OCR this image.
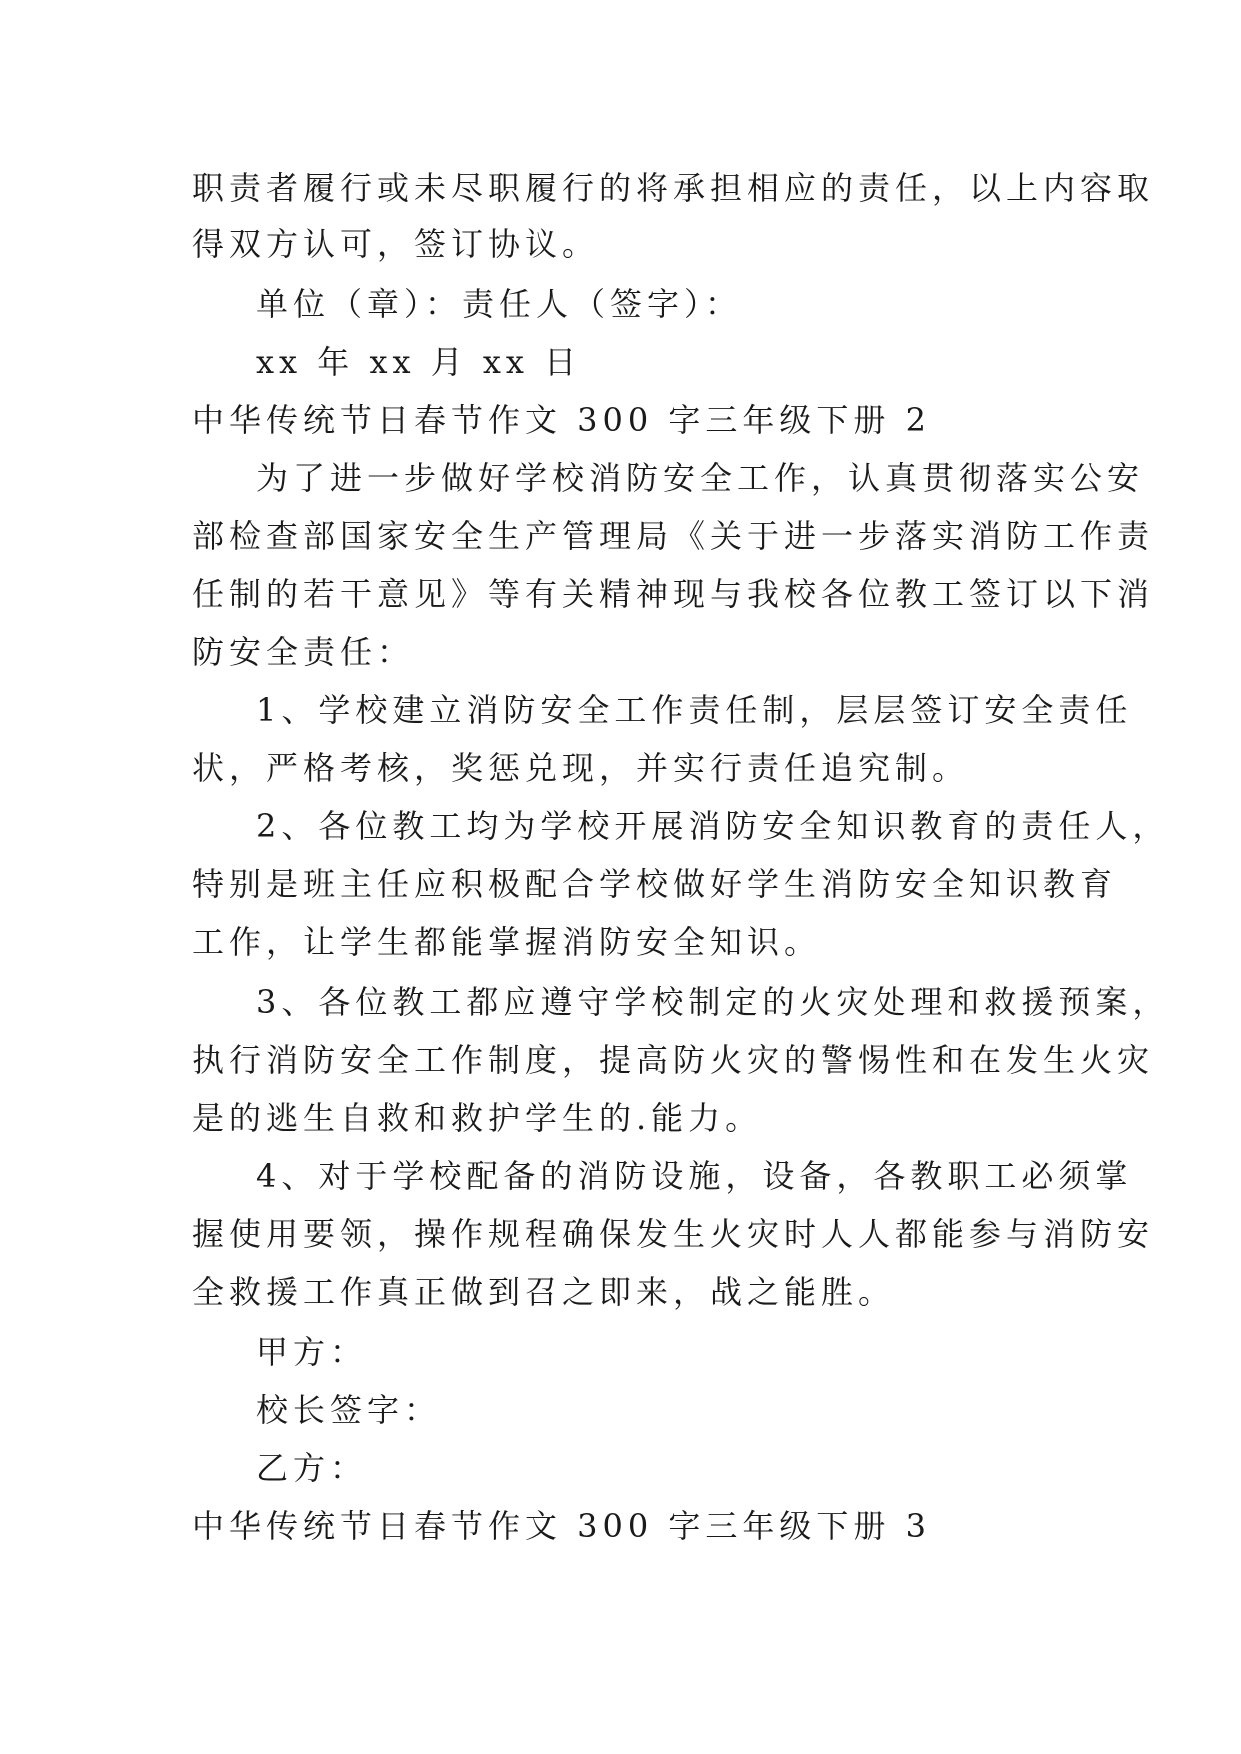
职责者履行或未尽职履行的将承担相应的责任，以上内容取

得双方认可，签订协议。

单位（章）：责任人（签字）：

xx 年 xx 月 xx 日

中华传统节日春节作文 300 字三年级下册 2

为了进一步做好学校消防安全工作，认真贯彻落实公安

部检查部国家安全生产管理局《关于进一步落实消防工作责

任制的若干意见》等有关精神现与我校各位教工签订以下消

防安全责任：

1、学校建立消防安全工作责任制，层层签订安全责任

状，严格考核，奖惩兑现，并实行责任追究制。

2、各位教工均为学校开展消防安全知识教育的责任人，

特别是班主任应积极配合学校做好学生消防安全知识教育

工作，让学生都能掌握消防安全知识。

3、各位教工都应遵守学校制定的火灾处理和救援预案，

执行消防安全工作制度，提高防火灾的警惕性和在发生火灾

是的逃生自救和救护学生的.能力。

4、对于学校配备的消防设施，设备，各教职工必须掌

握使用要领，操作规程确保发生火灾时人人都能参与消防安

全救援工作真正做到召之即来，战之能胜。

甲方：

校长签字：

乙方：

中华传统节日春节作文 300 字三年级下册 3
